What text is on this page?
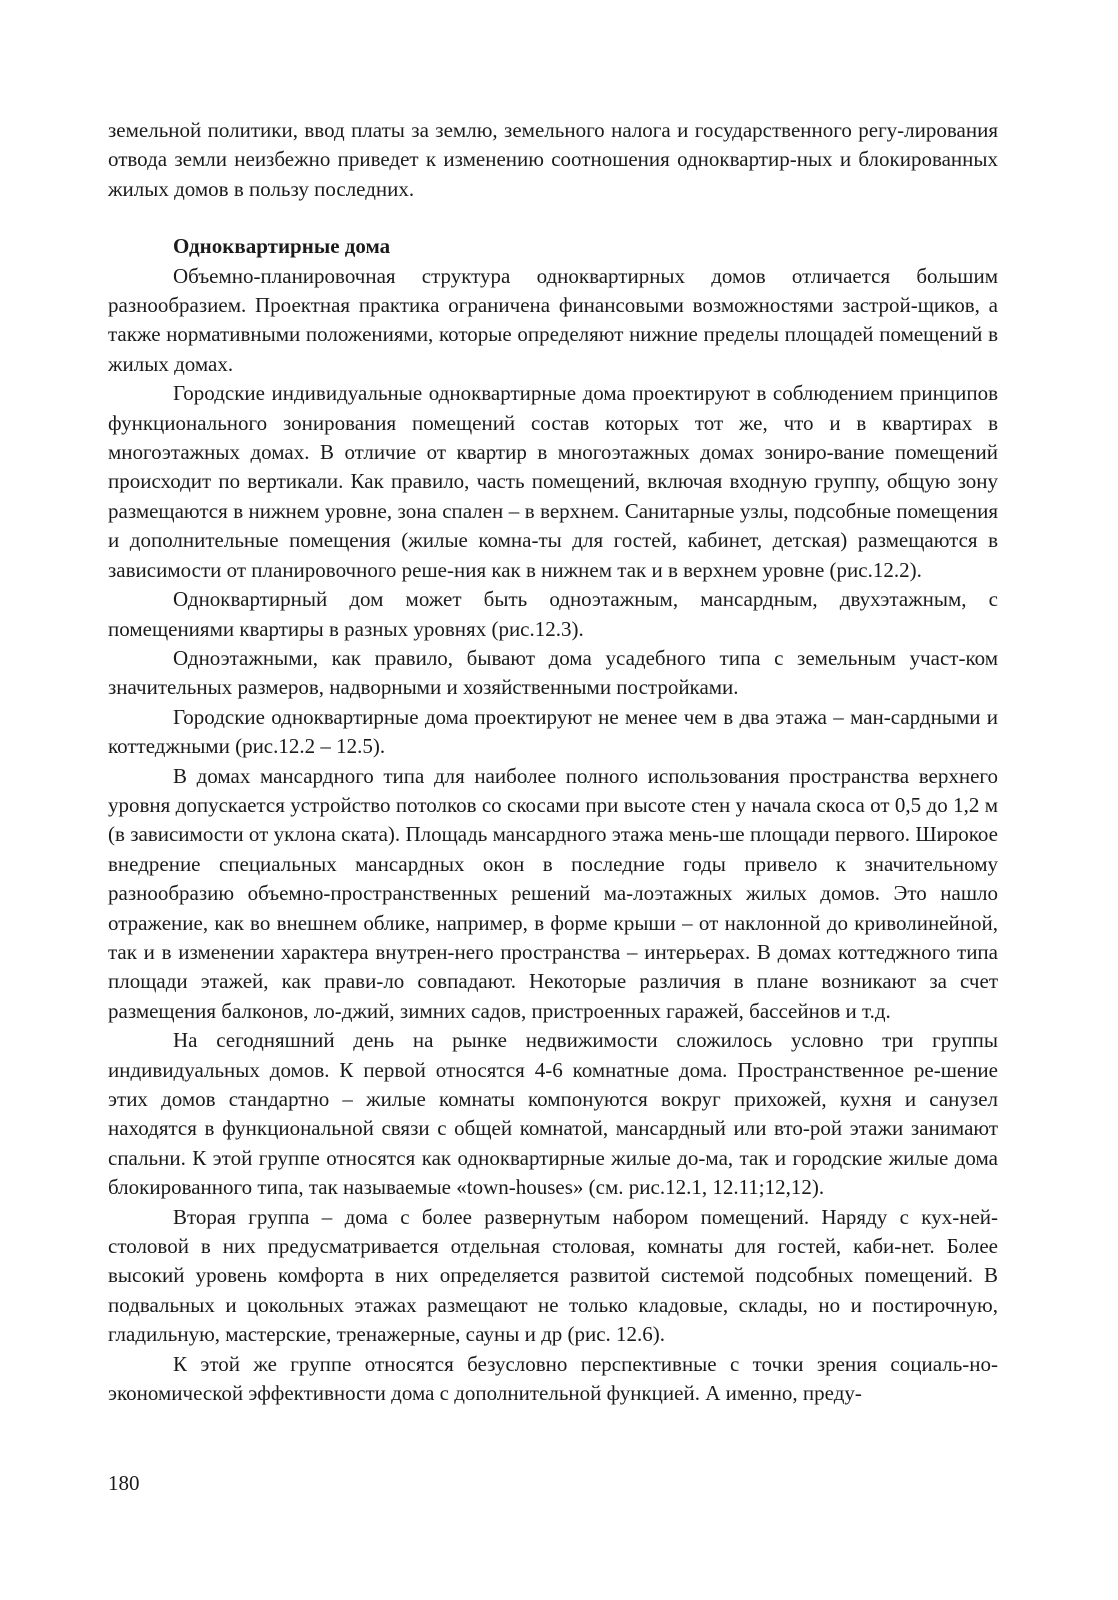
земельной политики, ввод платы за землю, земельного налога и государственного регу-лирования отвода земли неизбежно приведет к изменению соотношения одноквартир-ных и блокированных жилых домов в пользу последних.

Одноквартирные дома

Объемно-планировочная структура одноквартирных домов отличается большим разнообразием. Проектная практика ограничена финансовыми возможностями застрой-щиков, а также нормативными положениями, которые определяют нижние пределы площадей помещений в жилых домах.

Городские индивидуальные одноквартирные дома проектируют в соблюдением принципов функционального зонирования помещений состав которых тот же, что и в квартирах в многоэтажных домах. В отличие от квартир в многоэтажных домах зониро-вание помещений происходит по вертикали. Как правило, часть помещений, включая входную группу, общую зону размещаются в нижнем уровне, зона спален – в верхнем. Санитарные узлы, подсобные помещения и дополнительные помещения (жилые комна-ты для гостей, кабинет, детская) размещаются в зависимости от планировочного реше-ния как в нижнем так и в верхнем уровне (рис.12.2).

Одноквартирный дом может быть одноэтажным, мансардным, двухэтажным, с помещениями квартиры в разных уровнях (рис.12.3).

Одноэтажными, как правило, бывают дома усадебного типа с земельным участ-ком значительных размеров, надворными и хозяйственными постройками.

Городские одноквартирные дома проектируют не менее чем в два этажа – ман-сардными и коттеджными (рис.12.2 – 12.5).

В домах мансардного типа для наиболее полного использования пространства верхнего уровня допускается устройство потолков со скосами при высоте стен у начала скоса от 0,5 до 1,2 м (в зависимости от уклона ската). Площадь мансардного этажа мень-ше площади первого. Широкое внедрение специальных мансардных окон в последние годы привело к значительному разнообразию объемно-пространственных решений ма-лоэтажных жилых домов. Это нашло отражение, как во внешнем облике, например, в форме крыши – от наклонной до криволинейной, так и в изменении характера внутрен-него пространства – интерьерах. В домах коттеджного типа площади этажей, как прави-ло совпадают. Некоторые различия в плане возникают за счет размещения балконов, ло-джий, зимних садов, пристроенных гаражей, бассейнов и т.д.

На сегодняшний день на рынке недвижимости сложилось условно три группы индивидуальных домов. К первой относятся 4-6 комнатные дома. Пространственное ре-шение этих домов стандартно – жилые комнаты компонуются вокруг прихожей, кухня и санузел находятся в функциональной связи с общей комнатой, мансардный или вто-рой этажи занимают спальни. К этой группе относятся как одноквартирные жилые до-ма, так и городские жилые дома блокированного типа, так называемые «town-houses» (см. рис.12.1, 12.11;12,12).

Вторая группа – дома с более развернутым набором помещений. Наряду с кух-ней-столовой в них предусматривается отдельная столовая, комнаты для гостей, каби-нет. Более высокий уровень комфорта в них определяется развитой системой подсобных помещений. В подвальных и цокольных этажах размещают не только кладовые, склады, но и постирочную, гладильную, мастерские, тренажерные, сауны и др (рис. 12.6).

К этой же группе относятся безусловно перспективные с точки зрения социаль-но-экономической эффективности дома с дополнительной функцией. А именно, преду-

180
